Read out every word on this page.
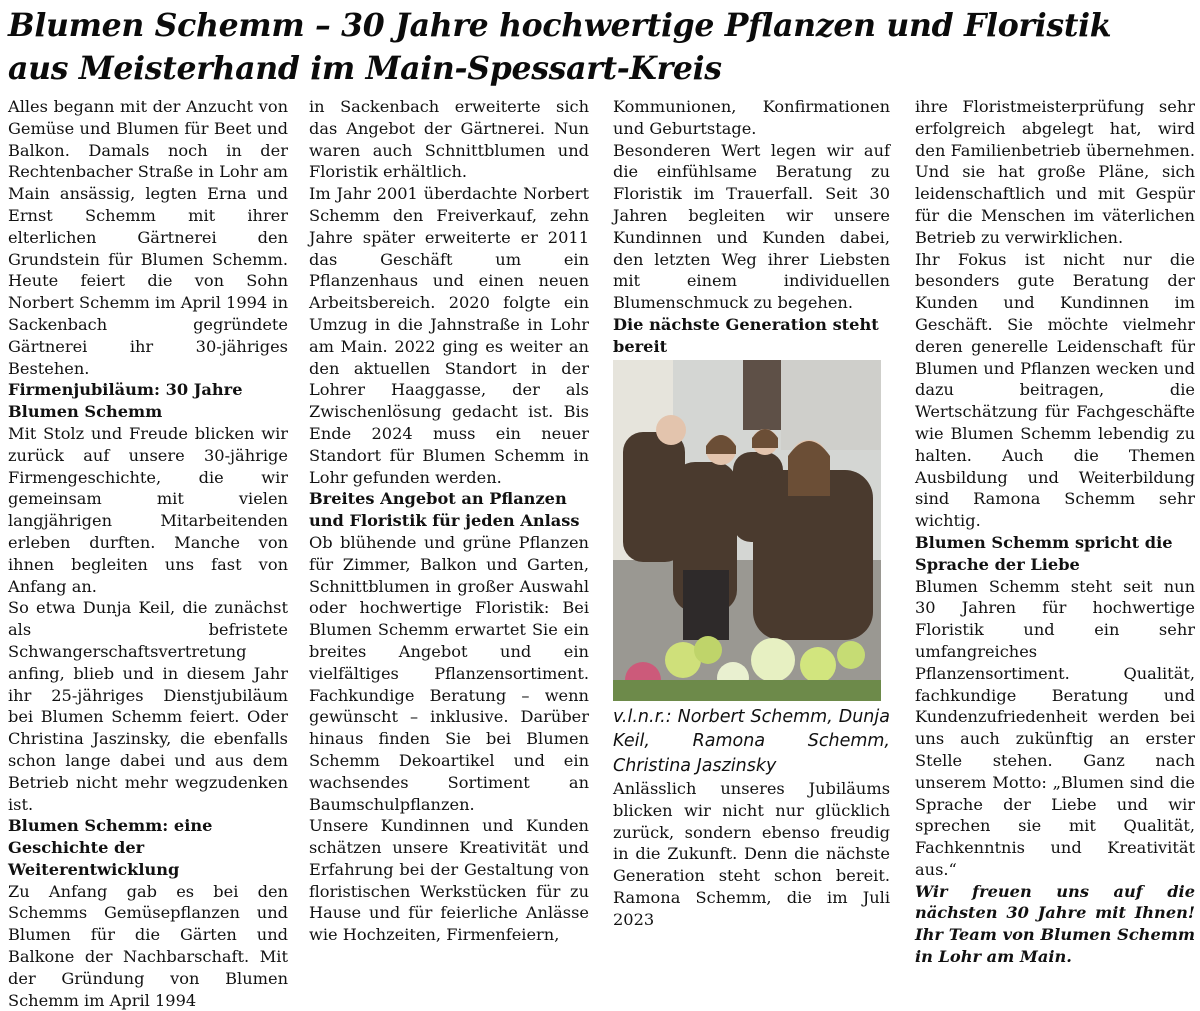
Blumen Schemm – 30 Jahre hochwertige Pflanzen und Floristik
aus Meisterhand im Main-Spessart-Kreis

Alles begann mit der Anzucht von Gemüse und Blumen für Beet und Balkon. Damals noch in der Rechtenbacher Straße in Lohr am Main ansässig, legten Erna und Ernst Schemm mit ihrer elterlichen Gärtnerei den Grundstein für Blumen Schemm. Heute feiert die von Sohn Norbert Schemm im April 1994 in Sackenbach gegründete Gärtnerei ihr 30-jähriges Bestehen.

Firmenjubiläum: 30 Jahre Blumen Schemm

Mit Stolz und Freude blicken wir zurück auf unsere 30-jährige Firmengeschichte, die wir gemeinsam mit vielen langjährigen Mitarbeitenden erleben durften. Manche von ihnen begleiten uns fast von Anfang an.

So etwa Dunja Keil, die zunächst als befristete Schwangerschaftsvertretung anfing, blieb und in diesem Jahr ihr 25-jähriges Dienstjubiläum bei Blumen Schemm feiert. Oder Christina Jaszinsky, die ebenfalls schon lange dabei und aus dem Betrieb nicht mehr wegzudenken ist.

Blumen Schemm: eine Geschichte der Weiterentwicklung

Zu Anfang gab es bei den Schemms Gemüsepflanzen und Blumen für die Gärten und Balkone der Nachbarschaft. Mit der Gründung von Blumen Schemm im April 1994

in Sackenbach erweiterte sich das Angebot der Gärtnerei. Nun waren auch Schnittblumen und Floristik erhältlich.

Im Jahr 2001 überdachte Norbert Schemm den Freiverkauf, zehn Jahre später erweiterte er 2011 das Geschäft um ein Pflanzenhaus und einen neuen Arbeitsbereich. 2020 folgte ein Umzug in die Jahnstraße in Lohr am Main. 2022 ging es weiter an den aktuellen Standort in der Lohrer Haaggasse, der als Zwischenlösung gedacht ist. Bis Ende 2024 muss ein neuer Standort für Blumen Schemm in Lohr gefunden werden.

Breites Angebot an Pflanzen und Floristik für jeden Anlass

Ob blühende und grüne Pflanzen für Zimmer, Balkon und Garten, Schnittblumen in großer Auswahl oder hochwertige Floristik: Bei Blumen Schemm erwartet Sie ein breites Angebot und ein vielfältiges Pflanzensortiment. Fachkundige Beratung – wenn gewünscht – inklusive. Darüber hinaus finden Sie bei Blumen Schemm Dekoartikel und ein wachsendes Sortiment an Baumschulpflanzen.

Unsere Kundinnen und Kunden schätzen unsere Kreativität und Erfahrung bei der Gestaltung von floristischen Werkstücken für zu Hause und für feierliche Anlässe wie Hochzeiten, Firmenfeiern,

Kommunionen, Konfirmationen und Geburtstage.

Besonderen Wert legen wir auf die einfühlsame Beratung zu Floristik im Trauerfall. Seit 30 Jahren begleiten wir unsere Kundinnen und Kunden dabei, den letzten Weg ihrer Liebsten mit einem individuellen Blumenschmuck zu begehen.

Die nächste Generation steht bereit

v.l.n.r.: Norbert Schemm, Dunja Keil, Ramona Schemm, Christina Jaszinsky

Anlässlich unseres Jubiläums blicken wir nicht nur glücklich zurück, sondern ebenso freudig in die Zukunft. Denn die nächste Generation steht schon bereit. Ramona Schemm, die im Juli 2023

ihre Floristmeisterprüfung sehr erfolgreich abgelegt hat, wird den Familienbetrieb übernehmen. Und sie hat große Pläne, sich leidenschaftlich und mit Gespür für die Menschen im väterlichen Betrieb zu verwirklichen.

Ihr Fokus ist nicht nur die besonders gute Beratung der Kunden und Kundinnen im Geschäft. Sie möchte vielmehr deren generelle Leidenschaft für Blumen und Pflanzen wecken und dazu beitragen, die Wertschätzung für Fachgeschäfte wie Blumen Schemm lebendig zu halten. Auch die Themen Ausbildung und Weiterbildung sind Ramona Schemm sehr wichtig.

Blumen Schemm spricht die Sprache der Liebe

Blumen Schemm steht seit nun 30 Jahren für hochwertige Floristik und ein sehr umfangreiches Pflanzensortiment. Qualität, fachkundige Beratung und Kundenzufriedenheit werden bei uns auch zukünftig an erster Stelle stehen. Ganz nach unserem Motto: „Blumen sind die Sprache der Liebe und wir sprechen sie mit Qualität, Fachkenntnis und Kreativität aus.“

Wir freuen uns auf die nächsten 30 Jahre mit Ihnen! Ihr Team von Blumen Schemm in Lohr am Main.
